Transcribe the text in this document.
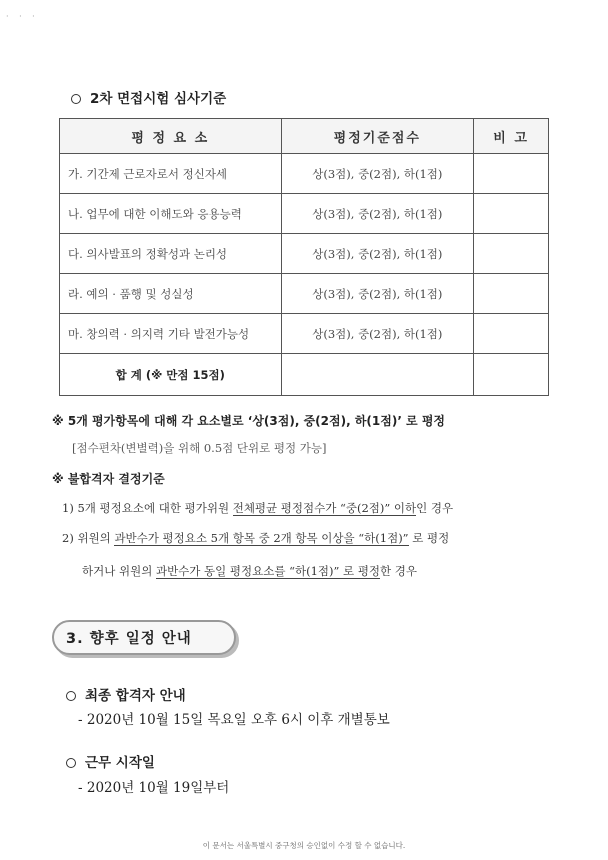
· · ·
2차 면접시험 심사기준
평 정 요 소	평정기준점수	비 고
가. 기간제 근로자로서 정신자세	상(3점), 중(2점), 하(1점)	
나. 업무에 대한 이해도와 응용능력	상(3점), 중(2점), 하(1점)	
다. 의사발표의 정확성과 논리성	상(3점), 중(2점), 하(1점)	
라. 예의 · 품행 및 성실성	상(3점), 중(2점), 하(1점)	
마. 창의력 · 의지력 기타 발전가능성	상(3점), 중(2점), 하(1점)	
합 계 (※ 만점 15점)		
※ 5개 평가항목에 대해 각 요소별로 ‘상(3점), 중(2점), 하(1점)’ 로 평정
[점수편차(변별력)을 위해 0.5점 단위로 평정 가능]
※ 불합격자 결정기준
1) 5개 평정요소에 대한 평가위원 전체평균 평정점수가 “중(2점)” 이하인 경우
2) 위원의 과반수가 평정요소 5개 항목 중 2개 항목 이상을 “하(1점)” 로 평정
하거나 위원의 과반수가 동일 평정요소를 “하(1점)” 로 평정한 경우
3. 향후 일정 안내
최종 합격자 안내
- 2020년 10월 15일 목요일 오후 6시 이후 개별통보
근무 시작일
- 2020년 10월 19일부터
이 문서는 서울특별시 중구청의 승인없이 수정 할 수 없습니다.
